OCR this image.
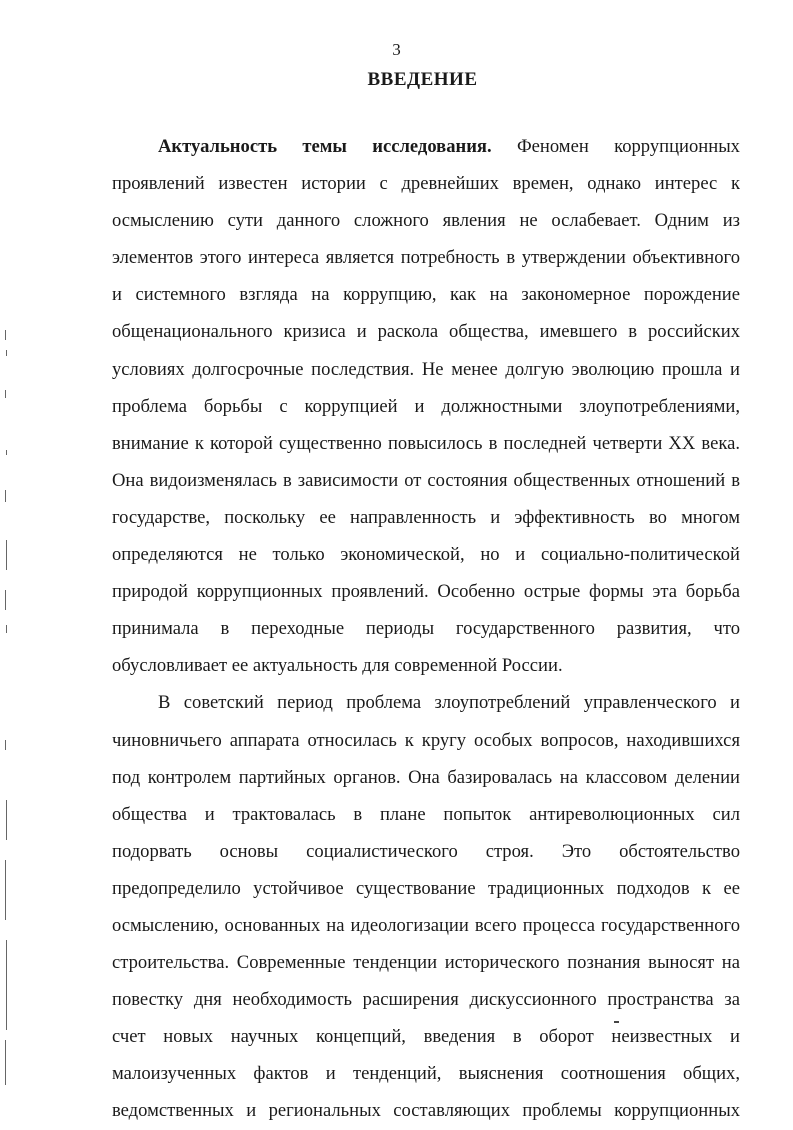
3
ВВЕДЕНИЕ
Актуальность темы исследования. Феномен коррупционных
проявлений известен истории с древнейших времен, однако интерес к
осмыслению сути данного сложного явления не ослабевает. Одним из
элементов этого интереса является потребность в утверждении объективного
и системного взгляда на коррупцию, как на закономерное порождение
общенационального кризиса и раскола общества, имевшего в российских
условиях долгосрочные последствия. Не менее долгую эволюцию прошла и
проблема борьбы с коррупцией и должностными злоупотреблениями,
внимание к которой существенно повысилось в последней четверти XX века.
Она видоизменялась в зависимости от состояния общественных отношений в
государстве, поскольку ее направленность и эффективность во многом
определяются не только экономической, но и социально-политической
природой коррупционных проявлений. Особенно острые формы эта борьба
принимала в переходные периоды государственного развития, что
обусловливает ее актуальность для современной России.
В советский период проблема злоупотреблений управленческого и
чиновничьего аппарата относилась к кругу особых вопросов, находившихся
под контролем партийных органов. Она базировалась на классовом делении
общества и трактовалась в плане попыток антиреволюционных сил
подорвать основы социалистического строя. Это обстоятельство
предопределило устойчивое существование традиционных подходов к ее
осмыслению, основанных на идеологизации всего процесса государственного
строительства. Современные тенденции исторического познания выносят на
повестку дня необходимость расширения дискуссионного пространства за
счет новых научных концепций, введения в оборот неизвестных и
малоизученных фактов и тенденций, выяснения соотношения общих,
ведомственных и региональных составляющих проблемы коррупционных
